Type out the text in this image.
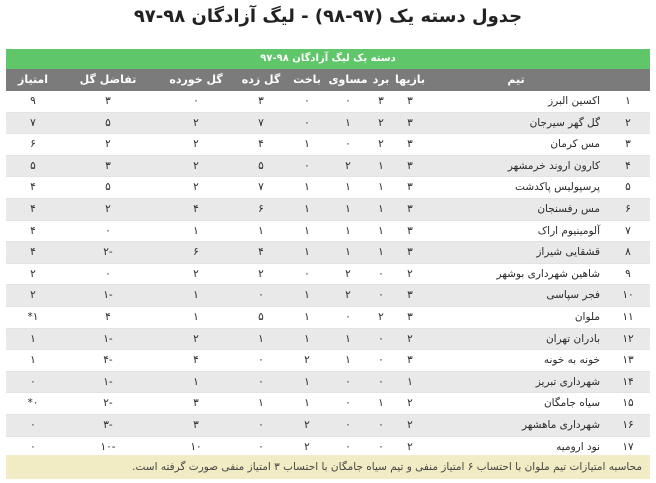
جدول دسته یک (۹۷-۹۸) - لیگ آزادگان ۹۸-۹۷
دسته یک لیگ آزادگان ۹۸-۹۷
تیم
بازیها
برد
مساوی
باخت
گل زده
گل خورده
تفاضل گل
امتیاز
۱
اکسین البرز
۳
۳
۰
۰
۳
۰
۳
۹
۲
گل گهر سیرجان
۳
۲
۱
۰
۷
۲
۵
۷
۳
مس کرمان
۳
۲
۰
۱
۴
۲
۲
۶
۴
کارون اروند خرمشهر
۳
۱
۲
۰
۵
۲
۳
۵
۵
پرسپولیس پاکدشت
۳
۱
۱
۱
۷
۲
۵
۴
۶
مس رفسنجان
۳
۱
۱
۱
۶
۴
۲
۴
۷
آلومینیوم اراک
۳
۱
۱
۱
۱
۱
۰
۴
۸
قشقایی شیراز
۳
۱
۱
۱
۴
۶
-۲
۴
۹
شاهین شهرداری بوشهر
۲
۰
۲
۰
۲
۲
۰
۲
۱۰
فجر سپاسی
۳
۰
۲
۱
۰
۱
-۱
۲
۱۱
ملوان
۳
۲
۰
۱
۵
۱
۴
۱*
۱۲
بادران تهران
۲
۰
۱
۱
۱
۲
-۱
۱
۱۳
خونه به خونه
۳
۰
۱
۲
۰
۴
-۴
۱
۱۴
شهرداری تبریز
۱
۰
۰
۱
۰
۱
-۱
۰
۱۵
سیاه جامگان
۲
۱
۰
۱
۱
۳
-۲
۰*
۱۶
شهرداری ماهشهر
۲
۰
۰
۲
۰
۳
-۳
۰
۱۷
نود ارومیه
۲
۰
۰
۲
۰
۱۰
-۱۰
۰
محاسبه امتیازات تیم ملوان با احتساب ۶ امتیاز منفی و تیم سیاه جامگان با احتساب ۳ امتیاز منفی صورت گرفته است.
